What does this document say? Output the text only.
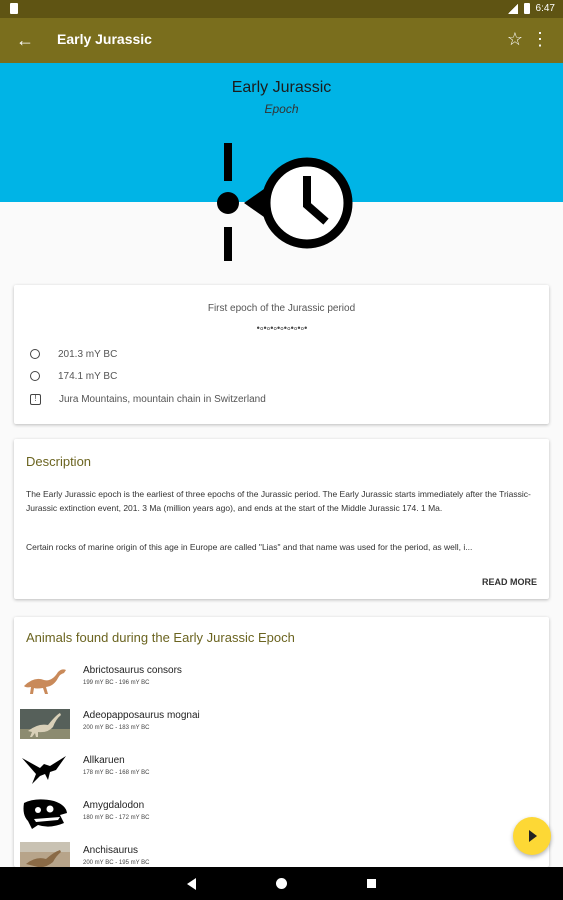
6:47
← Early Jurassic	☆ ⋮
Early Jurassic
Epoch
First epoch of the Jurassic period
•∘•∘•∘•∘•∘•∘•∘•
201.3 mY BC
174.1 mY BC
!	Jura Mountains, mountain chain in Switzerland
Description
The Early Jurassic epoch is the earliest of three epochs of the Jurassic period. The Early Jurassic starts immediately after the Triassic-Jurassic extinction event, 201. 3 Ma (million years ago), and ends at the start of the Middle Jurassic 174. 1 Ma.
Certain rocks of marine origin of this age in Europe are called "Lias" and that name was used for the period, as well, i...
READ MORE
Animals found during the Early Jurassic Epoch
Abrictosaurus consors
199 mY BC - 196 mY BC
Adeopapposaurus mognai
200 mY BC - 183 mY BC
Allkaruen
178 mY BC - 168 mY BC
Amygdalodon
180 mY BC - 172 mY BC
Anchisaurus
200 mY BC - 195 mY BC
